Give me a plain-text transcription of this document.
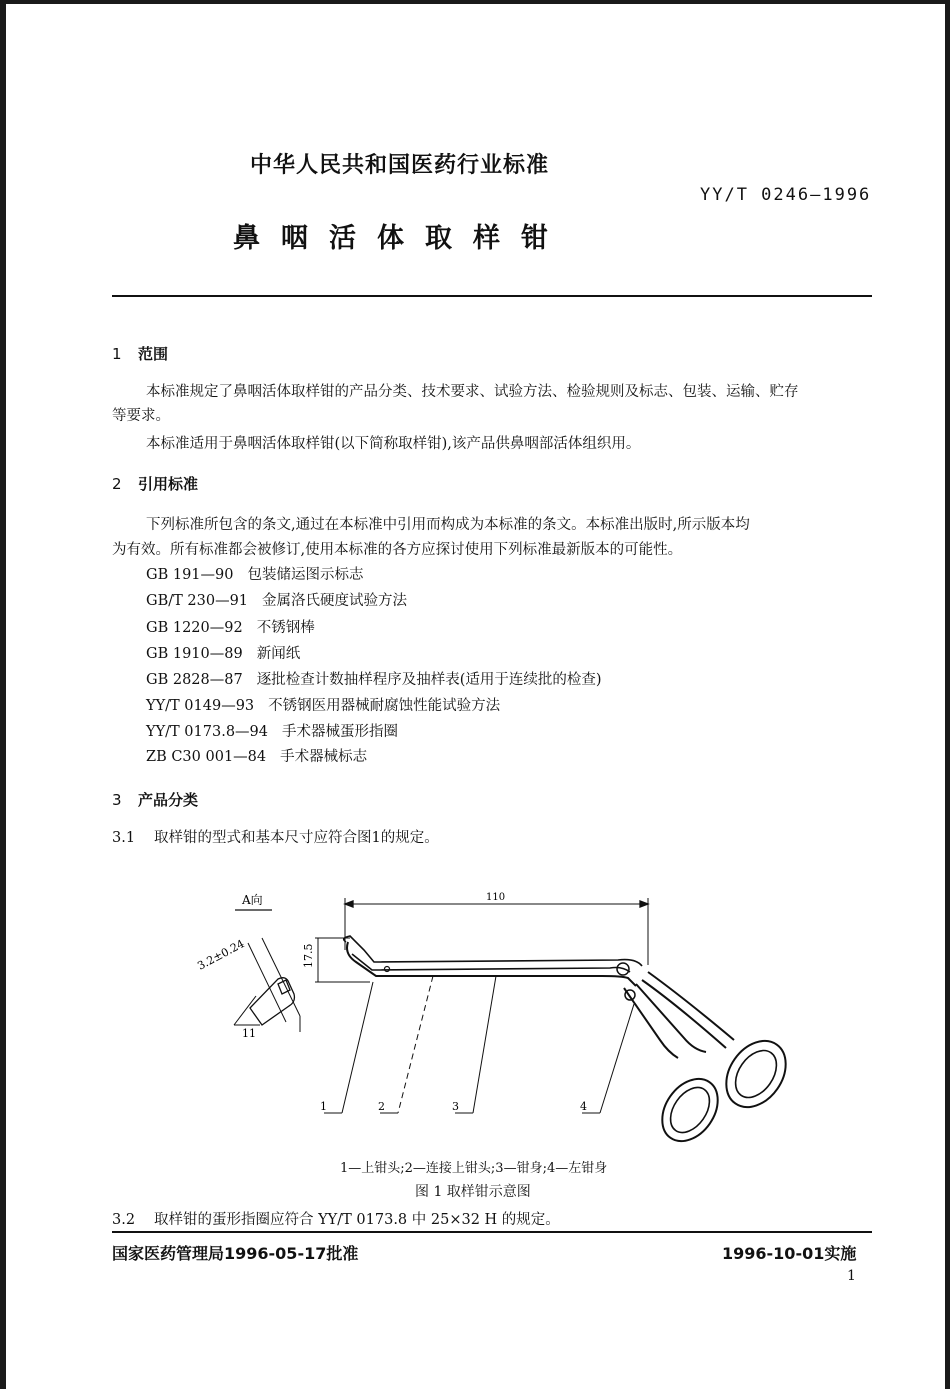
中华人民共和国医药行业标准
YY/T 0246—1996
鼻咽活体取样钳
1 范围
本标准规定了鼻咽活体取样钳的产品分类、技术要求、试验方法、检验规则及标志、包装、运输、贮存
等要求。
本标准适用于鼻咽活体取样钳(以下简称取样钳),该产品供鼻咽部活体组织用。
2 引用标准
下列标准所包含的条文,通过在本标准中引用而构成为本标准的条文。本标准出版时,所示版本均
为有效。所有标准都会被修订,使用本标准的各方应探讨使用下列标准最新版本的可能性。
GB 191—90 包装储运图示标志
GB/T 230—91 金属洛氏硬度试验方法
GB 1220—92 不锈钢棒
GB 1910—89 新闻纸
GB 2828—87 逐批检查计数抽样程序及抽样表(适用于连续批的检查)
YY/T 0149—93 不锈钢医用器械耐腐蚀性能试验方法
YY/T 0173.8—94 手术器械蛋形指圈
ZB C30 001—84 手术器械标志
3 产品分类
3.1 取样钳的型式和基本尺寸应符合图1的规定。
A向	110
17.5
3.2±0.24
11
1	2	3	4
1—上钳头;2—连接上钳头;3—钳身;4—左钳身
图 1 取样钳示意图
3.2 取样钳的蛋形指圈应符合 YY/T 0173.8 中 25×32 H 的规定。
国家医药管理局1996-05-17批准	1996-10-01实施
1
